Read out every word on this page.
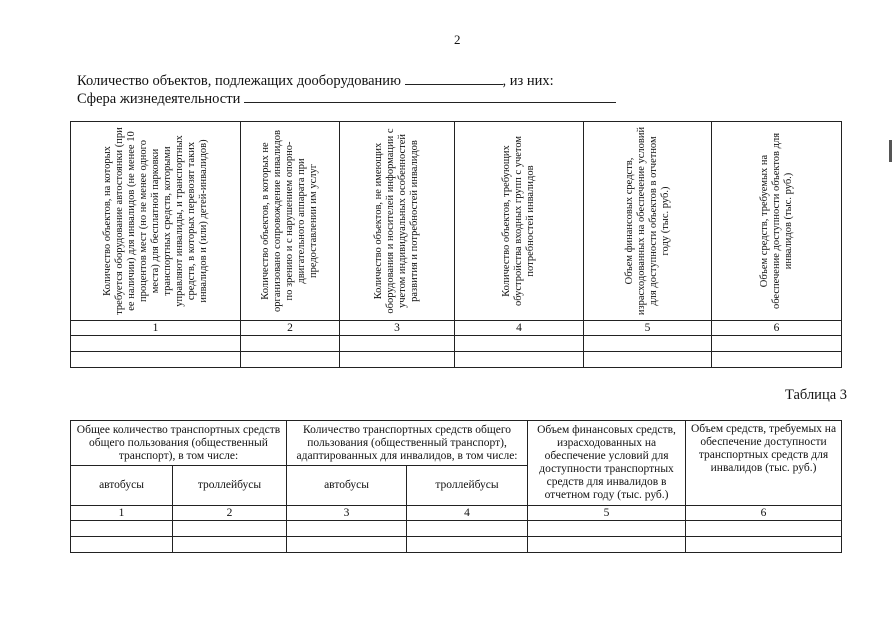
2
Количество объектов, подлежащих дооборудованию	, из них:
Сфера жизнедеятельности
Количество объектов, на которых требуется оборудование автостоянки (при ее наличии) для инвалидов (не менее 10 процентов мест (но не менее одного места) для бесплатной парковки транспортных средств, которыми управляют инвалиды, и транспортных средств, в которых перевозят таких инвалидов и (или) детей-инвалидов)	Количество объектов, в которых не организовано сопровождение инвалидов по зрению и с нарушением опорно-двигательного аппарата при предоставлении им услуг	Количество объектов, не имеющих оборудования и носителей информации с учетом индивидуальных особенностей развития и потребностей инвалидов	Количество объектов, требующих обустройства входных групп с учетом потребностей инвалидов	Объем финансовых средств, израсходованных на обеспечение условий для доступности объектов в отчетном году (тыс. руб.)	Объем средств, требуемых на обеспечение доступности объектов для инвалидов (тыс. руб.)

1	2	3	4	5	6

Таблица 3
Общее количество транспортных средств общего пользования (общественный транспорт), в том числе:		Количество транспортных средств общего пользования (общественный транспорт), адаптированных для инвалидов, в том числе:		Объем финансовых средств, израсходованных на обеспечение условий для доступности транспортных средств для инвалидов в отчетном году (тыс. руб.)	Объем средств, требуемых на обеспечение доступности транспортных средств для инвалидов (тыс. руб.)
автобусы	троллейбусы	автобусы	троллейбусы		
1	2	3	4	5	6
